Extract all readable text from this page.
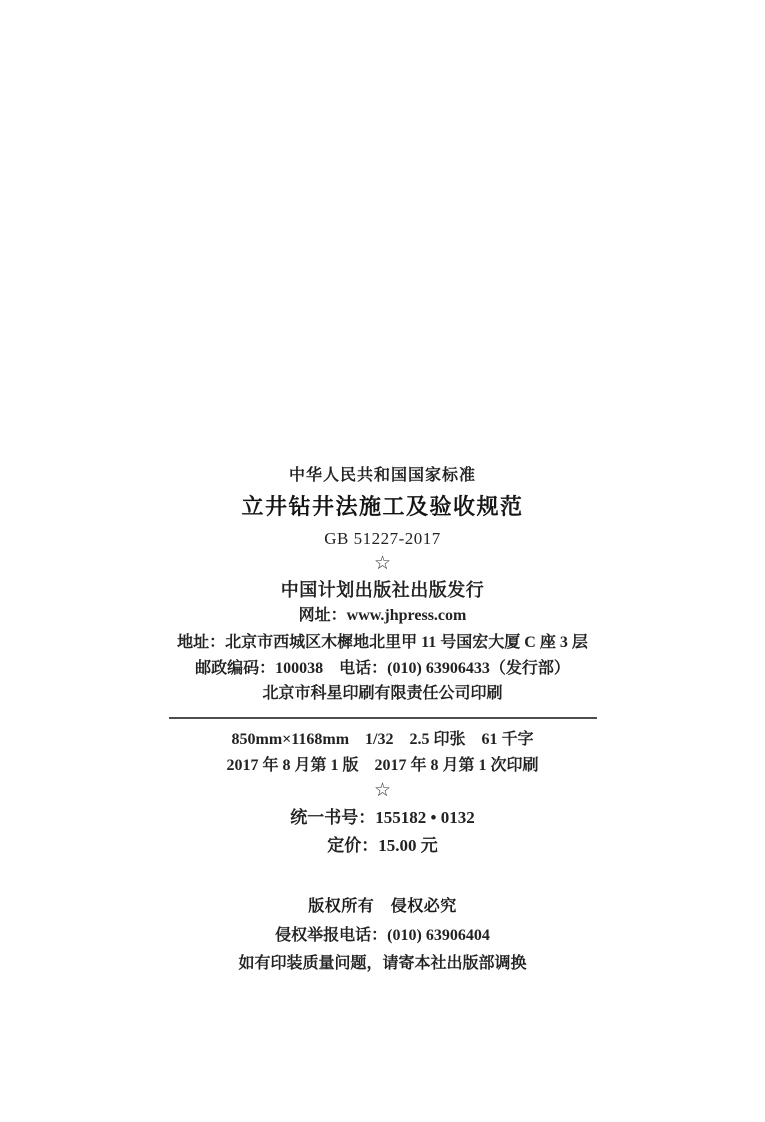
中华人民共和国国家标准
立井钻井法施工及验收规范
GB 51227-2017
☆
中国计划出版社出版发行
网址：www.jhpress.com
地址：北京市西城区木樨地北里甲 11 号国宏大厦 C 座 3 层
邮政编码：100038　电话：(010) 63906433（发行部）
北京市科星印刷有限责任公司印刷
850mm×1168mm　1/32　2.5 印张　61 千字
2017 年 8 月第 1 版　2017 年 8 月第 1 次印刷
☆
统一书号：155182 • 0132
定价：15.00 元
版权所有　侵权必究
侵权举报电话：(010) 63906404
如有印装质量问题，请寄本社出版部调换
